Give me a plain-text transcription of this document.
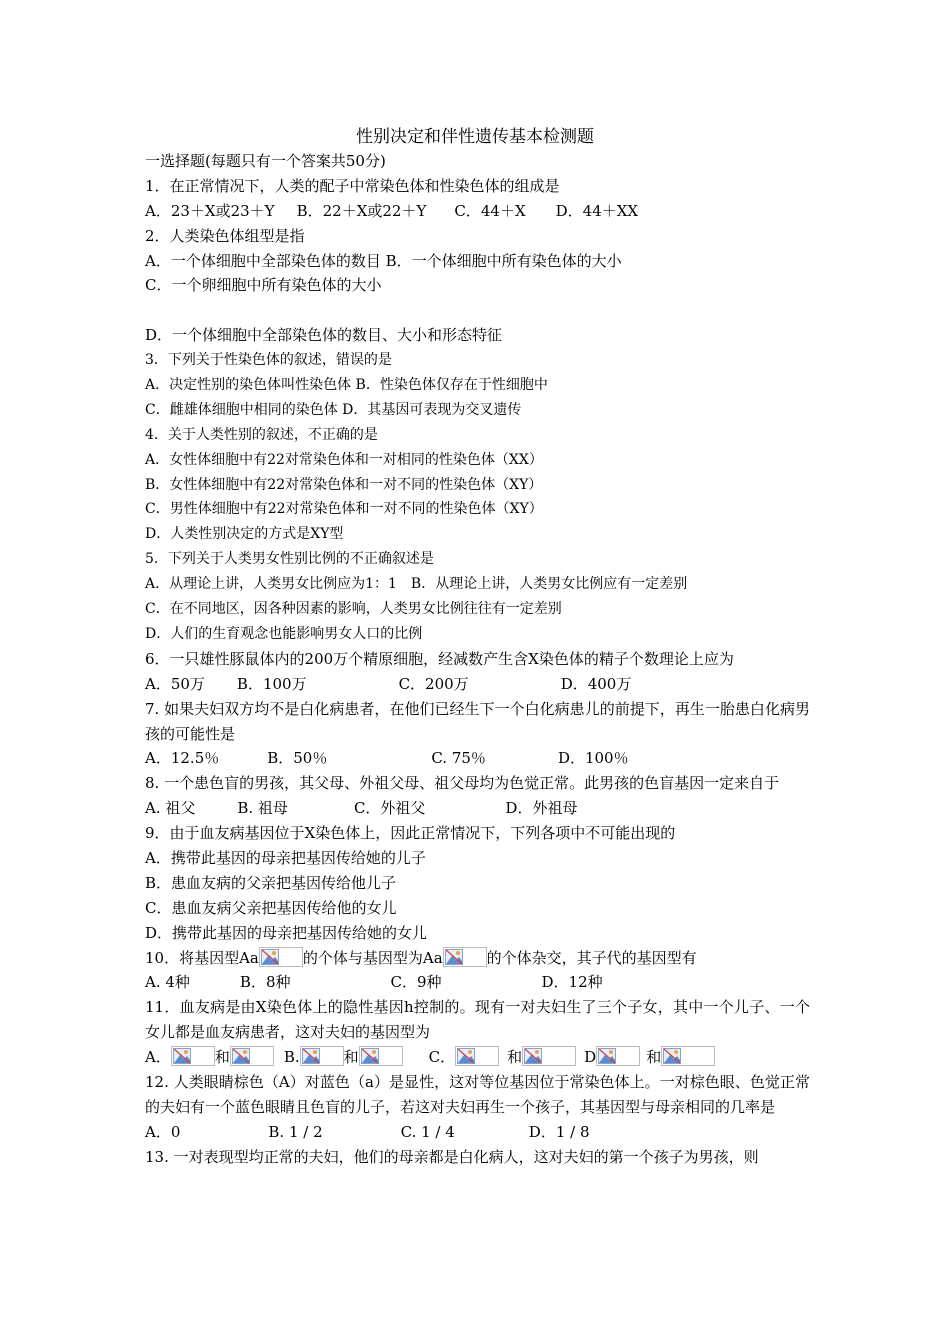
性别决定和伴性遗传基本检测题
一选择题(每题只有一个答案共50分)
1．在正常情况下，人类的配子中常染色体和性染色体的组成是
A．23＋X或23＋Y B．22＋X或22＋Y C．44＋X D．44＋XX
2．人类染色体组型是指
A．一个体细胞中全部染色体的数目 B．一个体细胞中所有染色体的大小
C．一个卵细胞中所有染色体的大小
D．一个体细胞中全部染色体的数目、大小和形态特征
3．下列关于性染色体的叙述，错误的是
A．决定性别的染色体叫性染色体 B．性染色体仅存在于性细胞中
C．雌雄体细胞中相同的染色体 D．其基因可表现为交叉遗传
4．关于人类性别的叙述，不正确的是
A．女性体细胞中有22对常染色体和一对相同的性染色体（XX）
B．女性体细胞中有22对常染色体和一对不同的性染色体（XY）
C．男性体细胞中有22对常染色体和一对不同的性染色体（XY）
D．人类性别决定的方式是XY型
5．下列关于人类男女性别比例的不正确叙述是
A．从理论上讲，人类男女比例应为1：1　B．从理论上讲，人类男女比例应有一定差别
C．在不同地区，因各种因素的影响，人类男女比例往往有一定差别
D．人们的生育观念也能影响男女人口的比例
6．一只雄性豚鼠体内的200万个精原细胞，经减数产生含X染色体的精子个数理论上应为
A．50万 B．100万	C．200万	D．400万
7. 如果夫妇双方均不是白化病患者，在他们已经生下一个白化病患儿的前提下，再生一胎患白化病男孩的可能性是
A．12.5％	B．50％	C. 75％	D．100％
8. 一个患色盲的男孩，其父母、外祖父母、祖父母均为色觉正常。此男孩的色盲基因一定来自于
A. 祖父	B. 祖母	C．外祖父	D．外祖母
9．由于血友病基因位于X染色体上，因此正常情况下，下列各项中不可能出现的
A．携带此基因的母亲把基因传给她的儿子
B．患血友病的父亲把基因传给他儿子
C．患血友病父亲把基因传给他的女儿
D．携带此基因的母亲把基因传给她的女儿
10．将基因型Aa	的个体与基因型为Aa	的个体杂交，其子代的基因型有
A. 4种	B．8种	C．9种	D．12种
11．血友病是由X染色体上的隐性基因h控制的。现有一对夫妇生了三个子女，其中一个儿子、一个女儿都是血友病患者，这对夫妇的基因型为
A．	和	B.	和	C．	和	D	和
12. 人类眼睛棕色（A）对蓝色（a）是显性，这对等位基因位于常染色体上。一对棕色眼、色觉正常的夫妇有一个蓝色眼睛且色盲的儿子，若这对夫妇再生一个孩子，其基因型与母亲相同的几率是
A．0	B. 1 / 2	C. 1 / 4	D．1 / 8
13. 一对表现型均正常的夫妇，他们的母亲都是白化病人，这对夫妇的第一个孩子为男孩，则
